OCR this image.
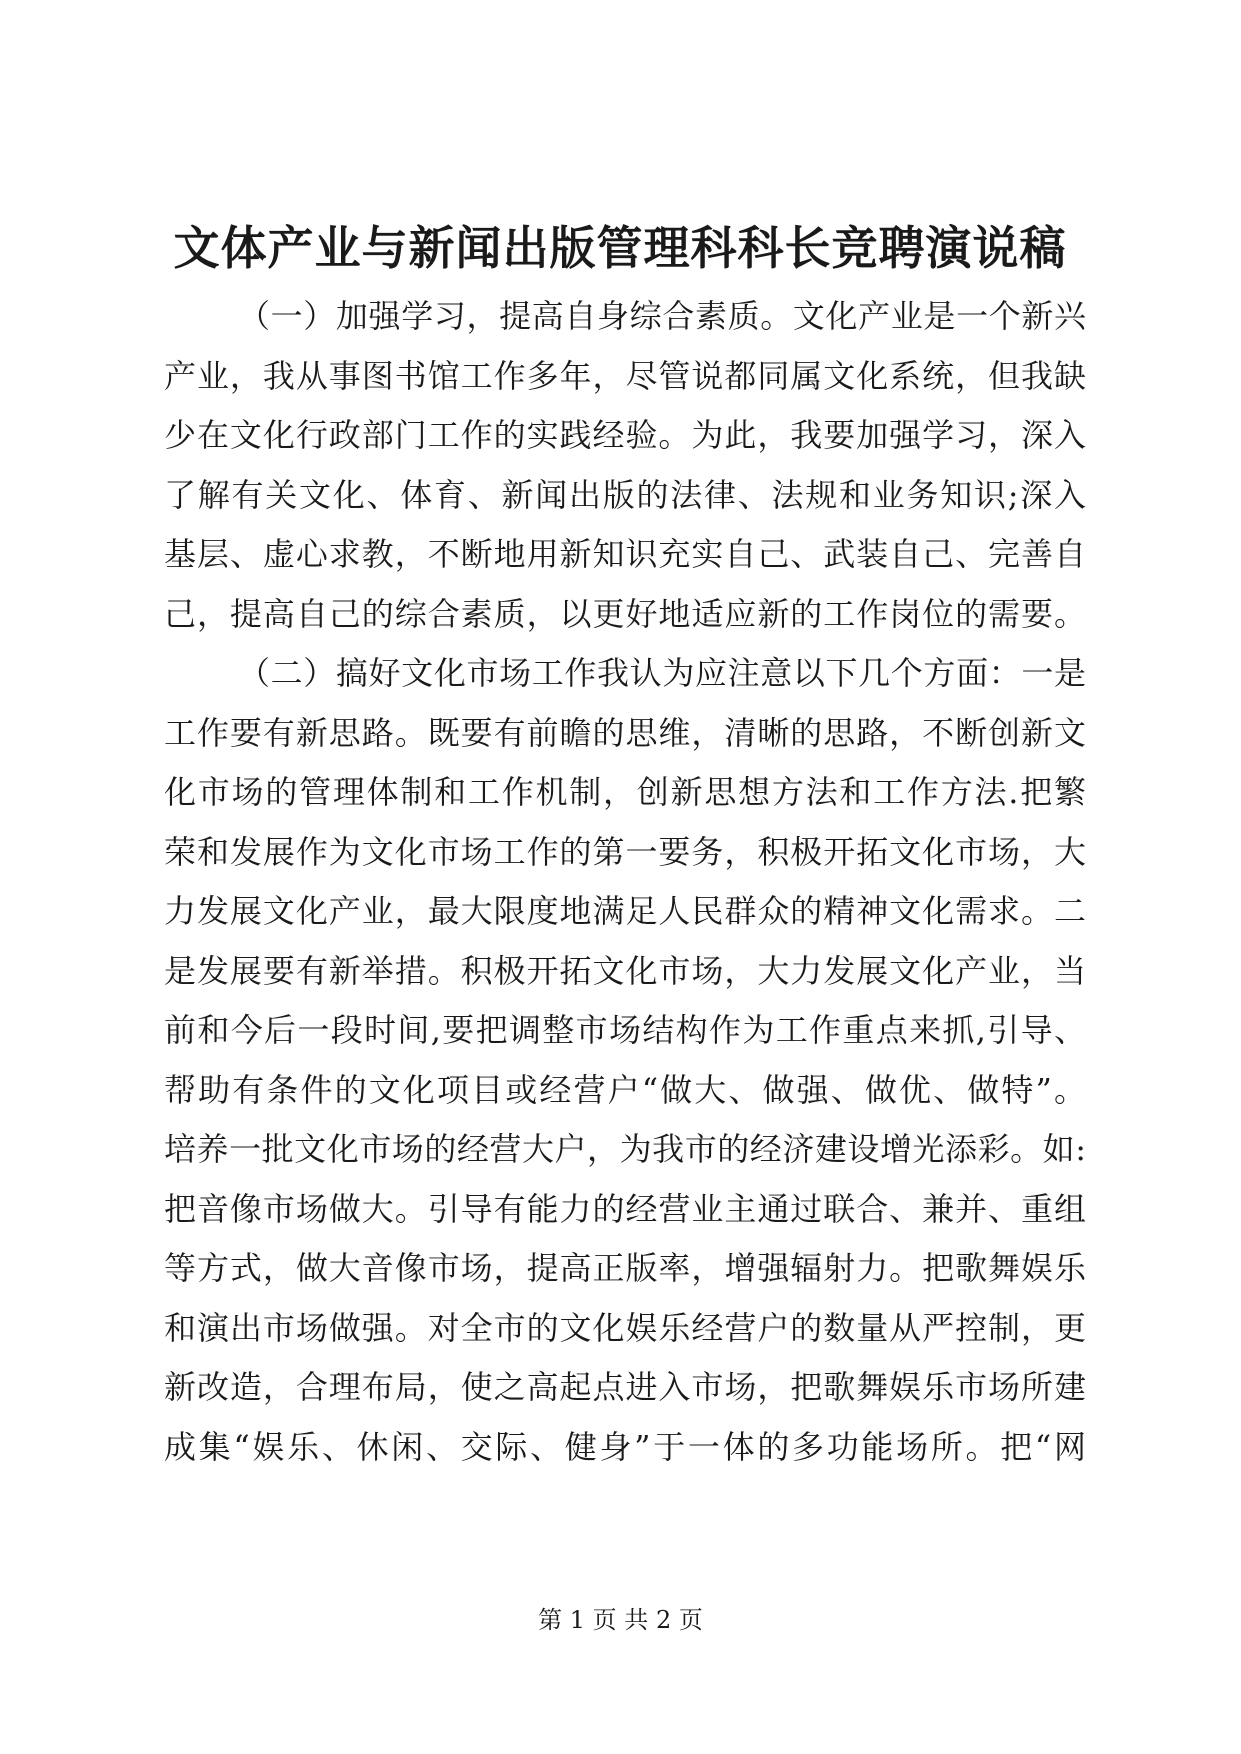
文体产业与新闻出版管理科科长竞聘演说稿
（一）加强学习，提高自身综合素质。文化产业是一个新兴
产业，我从事图书馆工作多年，尽管说都同属文化系统，但我缺
少在文化行政部门工作的实践经验。为此，我要加强学习，深入
了解有关文化、体育、新闻出版的法律、法规和业务知识;深入
基层、虚心求教，不断地用新知识充实自己、武装自己、完善自
己，提高自己的综合素质，以更好地适应新的工作岗位的需要。
（二）搞好文化市场工作我认为应注意以下几个方面：一是
工作要有新思路。既要有前瞻的思维，清晰的思路，不断创新文
化市场的管理体制和工作机制，创新思想方法和工作方法.把繁
荣和发展作为文化市场工作的第一要务，积极开拓文化市场，大
力发展文化产业，最大限度地满足人民群众的精神文化需求。二
是发展要有新举措。积极开拓文化市场，大力发展文化产业，当
前和今后一段时间,要把调整市场结构作为工作重点来抓,引导、
帮助有条件的文化项目或经营户“做大、做强、做优、做特”。
培养一批文化市场的经营大户，为我市的经济建设增光添彩。如:
把音像市场做大。引导有能力的经营业主通过联合、兼并、重组
等方式，做大音像市场，提高正版率，增强辐射力。把歌舞娱乐
和演出市场做强。对全市的文化娱乐经营户的数量从严控制，更
新改造，合理布局，使之高起点进入市场，把歌舞娱乐市场所建
成集“娱乐、休闲、交际、健身”于一体的多功能场所。把“网
第 1 页 共 2 页
